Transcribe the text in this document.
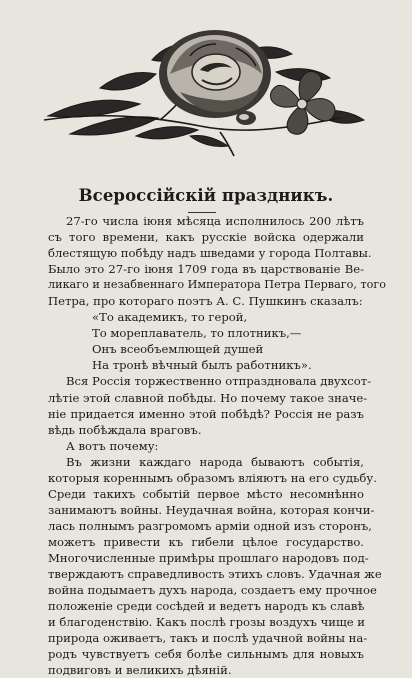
Всероссійскій праздникъ.
27-го числа іюня мѣсяца исполнилось 200 лѣтъ
съ того времени, какъ русскіе войска одержали
блестящую побѣду надъ шведами у города Полтавы.
Было это 27-го іюня 1709 года въ царствованіе Ве-
ликаго и незабвеннаго Императора Петра Перваго, того
Петра, про котораго поэтъ А. С. Пушкинъ сказалъ:
«То академикъ, то герой,
То мореплаватель, то плотникъ,—
Онъ всеобъемлющей душей
На тронѣ вѣчный былъ работникъ».
Вся Россія торжественно отпраздновала двухсот-
лѣтіе этой славной побѣды. Но почему такое значе-
ніе придается именно этой побѣдѣ? Россія не разъ
вѣдь побѣждала враговъ.
А вотъ почему:
Въ жизни каждаго народа бываютъ событія,
которыя кореннымъ образомъ вліяютъ на его судьбу.
Среди такихъ событій первое мѣсто несомнѣнно
занимаютъ войны. Неудачная война, которая кончи-
лась полнымъ разгромомъ арміи одной изъ сторонъ,
можетъ привести къ гибели цѣлое государство.
Многочисленные примѣры прошлаго народовъ под-
тверждаютъ справедливость этихъ словъ. Удачная же
война подымаетъ духъ народа, создаетъ ему прочное
положеніе среди сосѣдей и ведетъ народъ къ славѣ
и благоденствію. Какъ послѣ грозы воздухъ чище и
природа оживаетъ, такъ и послѣ удачной войны на-
родъ чувствуетъ себя болѣе сильнымъ для новыхъ
подвиговъ и великихъ дѣяній.
